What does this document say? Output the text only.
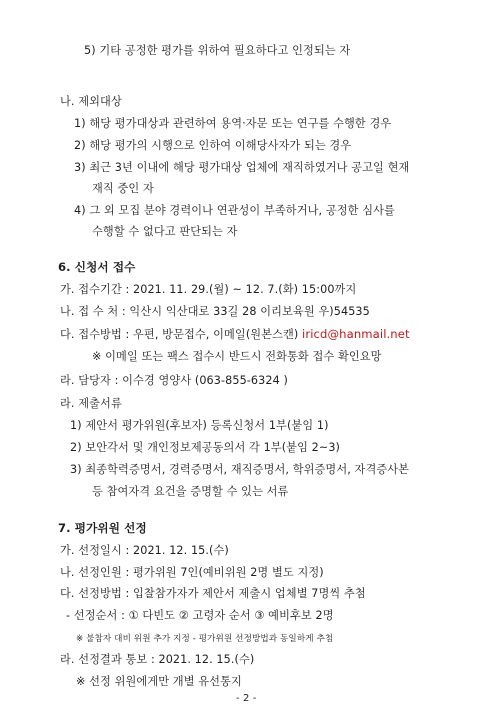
5) 기타 공정한 평가를 위하여 필요하다고 인정되는 자
나. 제외대상
1) 해당 평가대상과 관련하여 용역·자문 또는 연구를 수행한 경우
2) 해당 평가의 시행으로 인하여 이해당사자가 되는 경우
3) 최근 3년 이내에 해당 평가대상 업체에 재직하였거나 공고일 현재
재직 중인 자
4) 그 외 모집 분야 경력이나 연관성이 부족하거나, 공정한 심사를
수행할 수 없다고 판단되는 자
6. 신청서 접수
가. 접수기간 : 2021. 11. 29.(월) ~ 12. 7.(화) 15:00까지
나. 접 수 처 : 익산시 익산대로 33길 28 이리보육원 우)54535
다. 접수방법 : 우편, 방문접수, 이메일(원본스캔) iricd@hanmail.net
※ 이메일 또는 팩스 접수시 반드시 전화통화 접수 확인요망
라. 담당자 : 이수경 영양사 (063-855-6324 )
라. 제출서류
1) 제안서 평가위원(후보자) 등록신청서 1부(붙임 1)
2) 보안각서 및 개인정보제공동의서 각 1부(붙임 2~3)
3) 최종학력증명서, 경력증명서, 재직증명서, 학위증명서, 자격증사본
등 참여자격 요건을 증명할 수 있는 서류
7. 평가위원 선정
가. 선정일시 : 2021. 12. 15.(수)
나. 선정인원 : 평가위원 7인(예비위원 2명 별도 지정)
다. 선정방법 : 입찰참가자가 제안서 제출시 업체별 7명씩 추첨
- 선정순서 : ① 다빈도 ② 고령자 순서 ③ 예비후보 2명
※ 불참자 대비 위원 추가 지정 - 평가위원 선정방법과 동일하게 추첨
라. 선정결과 통보 : 2021. 12. 15.(수)
※ 선정 위원에게만 개별 유선통지
- 2 -
